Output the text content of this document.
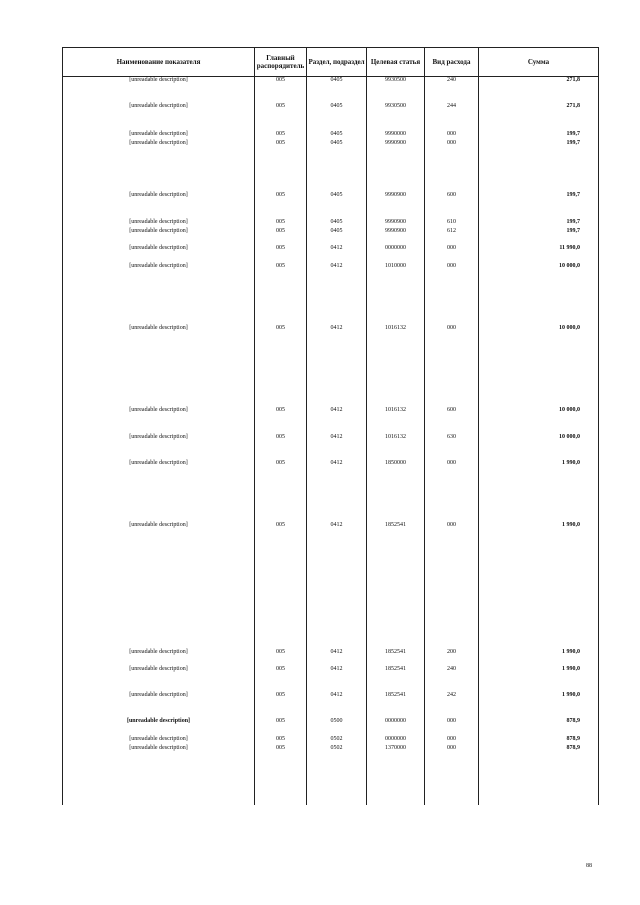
Наименование показателя	Главный распорядитель	Раздел, подраздел	Целевая статья	Вид расхода	Сумма
[unreadable description]	005	0405	9930500	240	271,8
[unreadable description]	005	0405	9930500	244	271,8
[unreadable description]	005	0405	9990000	000	199,7
[unreadable description]	005	0405	9990900	000	199,7
[unreadable description]	005	0405	9990900	600	199,7
[unreadable description]	005	0405	9990900	610	199,7
[unreadable description]	005	0405	9990900	612	199,7
[unreadable description]	005	0412	0000000	000	11 990,0
[unreadable description]	005	0412	1010000	000	10 000,0
[unreadable description]	005	0412	1016132	000	10 000,0
[unreadable description]	005	0412	1016132	600	10 000,0
[unreadable description]	005	0412	1016132	630	10 000,0
[unreadable description]	005	0412	1850000	000	1 990,0
[unreadable description]	005	0412	1852541	000	1 990,0
[unreadable description]	005	0412	1852541	200	1 990,0
[unreadable description]	005	0412	1852541	240	1 990,0
[unreadable description]	005	0412	1852541	242	1 990,0
[unreadable description]	005	0500	0000000	000	878,9
[unreadable description]	005	0502	0000000	000	878,9
[unreadable description]	005	0502	1370000	000	878,9
88
